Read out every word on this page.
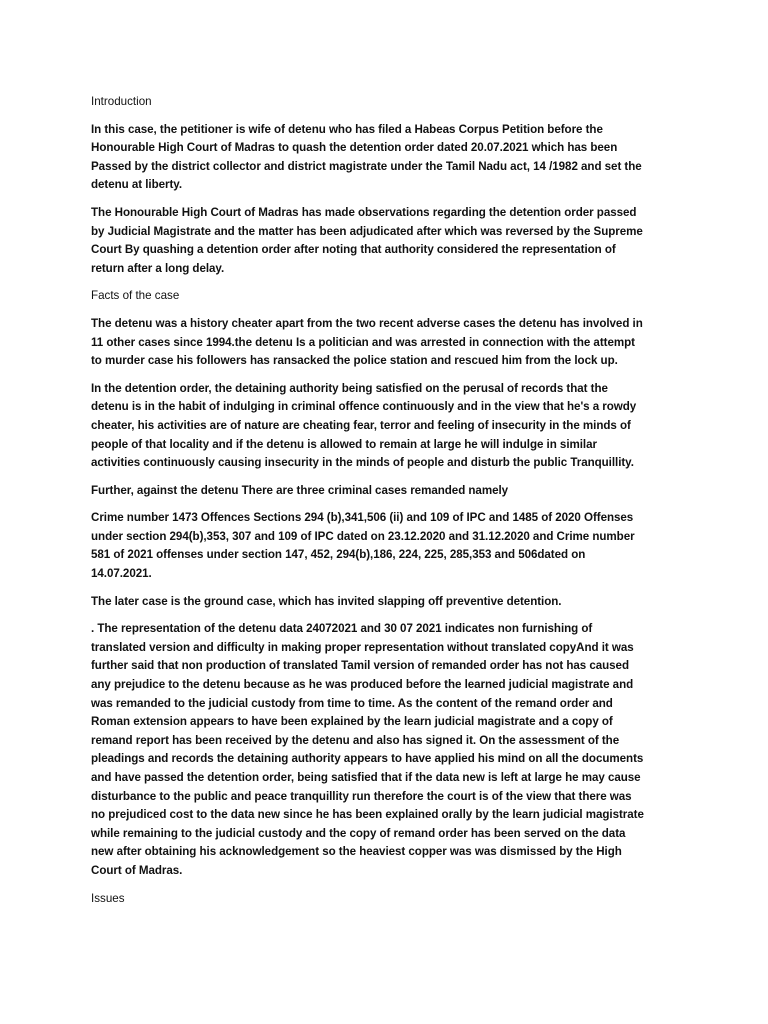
Introduction
In this case, the petitioner is wife of detenu who has filed a Habeas Corpus Petition before the
Honourable High Court of Madras to quash the detention order dated 20.07.2021 which has been
Passed by the district collector and district magistrate under the Tamil Nadu act, 14 /1982 and set the
detenu at liberty.
The Honourable High Court of Madras has made observations regarding the detention order passed
by Judicial Magistrate and the matter has been adjudicated after which was reversed by the Supreme
Court By quashing a detention order after noting that authority considered the representation of
return after a long delay.
Facts of the case
The detenu was a history cheater apart from the two recent adverse cases the detenu has involved in
11 other cases since 1994.the detenu Is a politician and was arrested in connection with the attempt
to murder case his followers has ransacked the police station and rescued him from the lock up.
In the detention order, the detaining authority being satisfied on the perusal of records that the
detenu is in the habit of indulging in criminal offence continuously and in the view that he's a rowdy
cheater, his activities are of nature are cheating fear, terror and feeling of insecurity in the minds of
people of that locality and if the detenu is allowed to remain at large he will indulge in similar
activities continuously causing insecurity in the minds of people and disturb the public Tranquillity.
Further, against the detenu There are three criminal cases remanded namely
Crime number 1473 Offences Sections 294 (b),341,506 (ii) and 109 of IPC and 1485 of 2020 Offenses
under section 294(b),353, 307 and 109 of IPC dated on 23.12.2020 and 31.12.2020 and Crime number
581 of 2021 offenses under section 147, 452, 294(b),186, 224, 225, 285,353 and 506dated on
14.07.2021.
The later case is the ground case, which has invited slapping off preventive detention.
. The representation of the detenu data 24072021 and 30 07 2021 indicates non furnishing of
translated version and difficulty in making proper representation without translated copyAnd it was
further said that non production of translated Tamil version of remanded order has not has caused
any prejudice to the detenu because as he was produced before the learned judicial magistrate and
was remanded to the judicial custody from time to time. As the content of the remand order and
Roman extension appears to have been explained by the learn judicial magistrate and a copy of
remand report has been received by the detenu and also has signed it. On the assessment of the
pleadings and records the detaining authority appears to have applied his mind on all the documents
and have passed the detention order, being satisfied that if the data new is left at large he may cause
disturbance to the public and peace tranquillity run therefore the court is of the view that there was
no prejudiced cost to the data new since he has been explained orally by the learn judicial magistrate
while remaining to the judicial custody and the copy of remand order has been served on the data
new after obtaining his acknowledgement so the heaviest copper was was dismissed by the High
Court of Madras.
Issues
